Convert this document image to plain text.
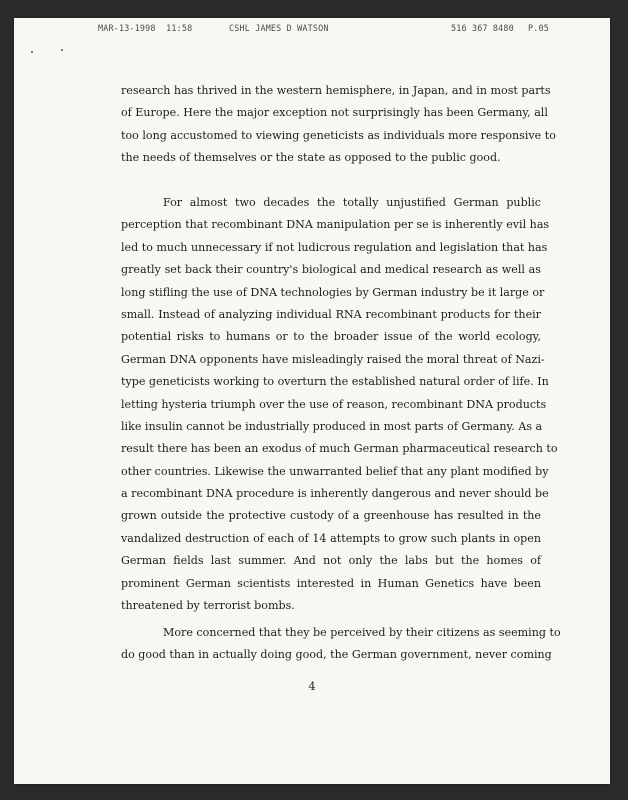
MAR-13-1998  11:58	CSHL JAMES D WATSON	516 367 8480 P.05
research has thrived in the western hemisphere, in Japan, and in most parts
of Europe. Here the major exception not surprisingly has been Germany, all
too long accustomed to viewing geneticists as individuals more responsive to
the needs of themselves or the state as opposed to the public good.
For almost two decades the totally unjustified German public
perception that recombinant DNA manipulation per se is inherently evil has
led to much unnecessary if not ludicrous regulation and legislation that has
greatly set back their country's biological and medical research as well as
long stifling the use of DNA technologies by German industry be it large or
small. Instead of analyzing individual RNA recombinant products for their
potential risks to humans or to the broader issue of the world ecology,
German DNA opponents have misleadingly raised the moral threat of Nazi-
type geneticists working to overturn the established natural order of life. In
letting hysteria triumph over the use of reason, recombinant DNA products
like insulin cannot be industrially produced in most parts of Germany. As a
result there has been an exodus of much German pharmaceutical research to
other countries. Likewise the unwarranted belief that any plant modified by
a recombinant DNA procedure is inherently dangerous and never should be
grown outside the protective custody of a greenhouse has resulted in the
vandalized destruction of each of 14 attempts to grow such plants in open
German fields last summer. And not only the labs but the homes of
prominent German scientists interested in Human Genetics have been
threatened by terrorist bombs.
More concerned that they be perceived by their citizens as seeming to
do good than in actually doing good, the German government, never coming
4
